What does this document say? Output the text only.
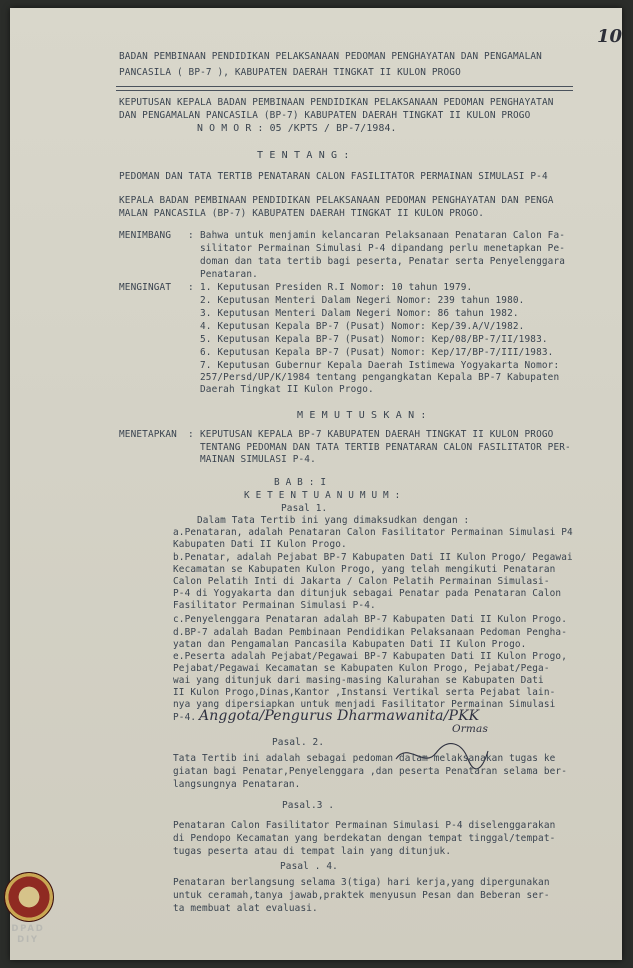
10
BADAN PEMBINAAN PENDIDIKAN PELAKSANAAN PEDOMAN PENGHAYATAN DAN PENGAMALAN
PANCASILA ( BP-7 ), KABUPATEN DAERAH TINGKAT II KULON PROGO
KEPUTUSAN KEPALA BADAN PEMBINAAN PENDIDIKAN PELAKSANAAN PEDOMAN PENGHAYATAN
DAN PENGAMALAN PANCASILA (BP-7) KABUPATEN DAERAH TINGKAT II KULON PROGO
N O M O R : 05 /KPTS / BP-7/1984.
T E N T A N G :
PEDOMAN DAN TATA TERTIB PENATARAN CALON FASILITATOR PERMAINAN SIMULASI P-4
KEPALA BADAN PEMBINAAN PENDIDIKAN PELAKSANAAN PEDOMAN PENGHAYATAN DAN PENGA
MALAN PANCASILA (BP-7) KABUPATEN DAERAH TINGKAT II KULON PROGO.
MENIMBANG : Bahwa untuk menjamin kelancaran Pelaksanaan Penataran Calon Fa-
silitator Permainan Simulasi P-4 dipandang perlu menetapkan Pe-
doman dan tata tertib bagi peserta, Penatar serta Penyelenggara
Penataran.
MENGINGAT : 1. Keputusan Presiden R.I Nomor: 10 tahun 1979.
2. Keputusan Menteri Dalam Negeri Nomor: 239 tahun 1980.
3. Keputusan Menteri Dalam Negeri Nomor: 86 tahun 1982.
4. Keputusan Kepala BP-7 (Pusat) Nomor: Kep/39.A/V/1982.
5. Keputusan Kepala BP-7 (Pusat) Nomor: Kep/08/BP-7/II/1983.
6. Keputusan Kepala BP-7 (Pusat) Nomor: Kep/17/BP-7/III/1983.
7. Keputusan Gubernur Kepala Daerah Istimewa Yogyakarta Nomor:
257/Persd/UP/K/1984 tentang pengangkatan Kepala BP-7 Kabupaten
Daerah Tingkat II Kulon Progo.
M E M U T U S K A N :
MENETAPKAN : KEPUTUSAN KEPALA BP-7 KABUPATEN DAERAH TINGKAT II KULON PROGO
TENTANG PEDOMAN DAN TATA TERTIB PENATARAN CALON FASILITATOR PER-
MAINAN SIMULASI P-4.
B A B : I
K E T E N T U A N U M U M :
Pasal 1.
Dalam Tata Tertib ini yang dimaksudkan dengan :
a.Penataran, adalah Penataran Calon Fasilitator Permainan Simulasi P4
Kabupaten Dati II Kulon Progo.
b.Penatar, adalah Pejabat BP-7 Kabupaten Dati II Kulon Progo/ Pegawai
Kecamatan se Kabupaten Kulon Progo, yang telah mengikuti Penataran
Calon Pelatih Inti di Jakarta / Calon Pelatih Permainan Simulasi-
P-4 di Yogyakarta dan ditunjuk sebagai Penatar pada Penataran Calon
Fasilitator Permainan Simulasi P-4.
c.Penyelenggara Penataran adalah BP-7 Kabupaten Dati II Kulon Progo.
d.BP-7 adalah Badan Pembinaan Pendidikan Pelaksanaan Pedoman Pengha-
yatan dan Pengamalan Pancasila Kabupaten Dati II Kulon Progo.
e.Peserta adalah Pejabat/Pegawai BP-7 Kabupaten Dati II Kulon Progo,
Pejabat/Pegawai Kecamatan se Kabupaten Kulon Progo, Pejabat/Pega-
wai yang ditunjuk dari masing-masing Kalurahan se Kabupaten Dati
II Kulon Progo,Dinas,Kantor ,Instansi Vertikal serta Pejabat lain-
nya yang dipersiapkan untuk menjadi Fasilitator Permainan Simulasi
P-4. Anggota/Pengurus Dharmawanita/PKK
Ormas
Pasal. 2.
Tata Tertib ini adalah sebagai pedoman dalam melaksanakan tugas ke
giatan bagi Penatar,Penyelenggara ,dan peserta Penataran selama ber-
langsungnya Penataran.
Pasal.3 .
Penataran Calon Fasilitator Permainan Simulasi P-4 diselenggarakan
di Pendopo Kecamatan yang berdekatan dengan tempat tinggal/tempat-
tugas peserta atau di tempat lain yang ditunjuk.
Pasal . 4.
Penataran berlangsung selama 3(tiga) hari kerja,yang dipergunakan
untuk ceramah,tanya jawab,praktek menyusun Pesan dan Beberan ser-
ta membuat alat evaluasi.
DPAD
DIY
